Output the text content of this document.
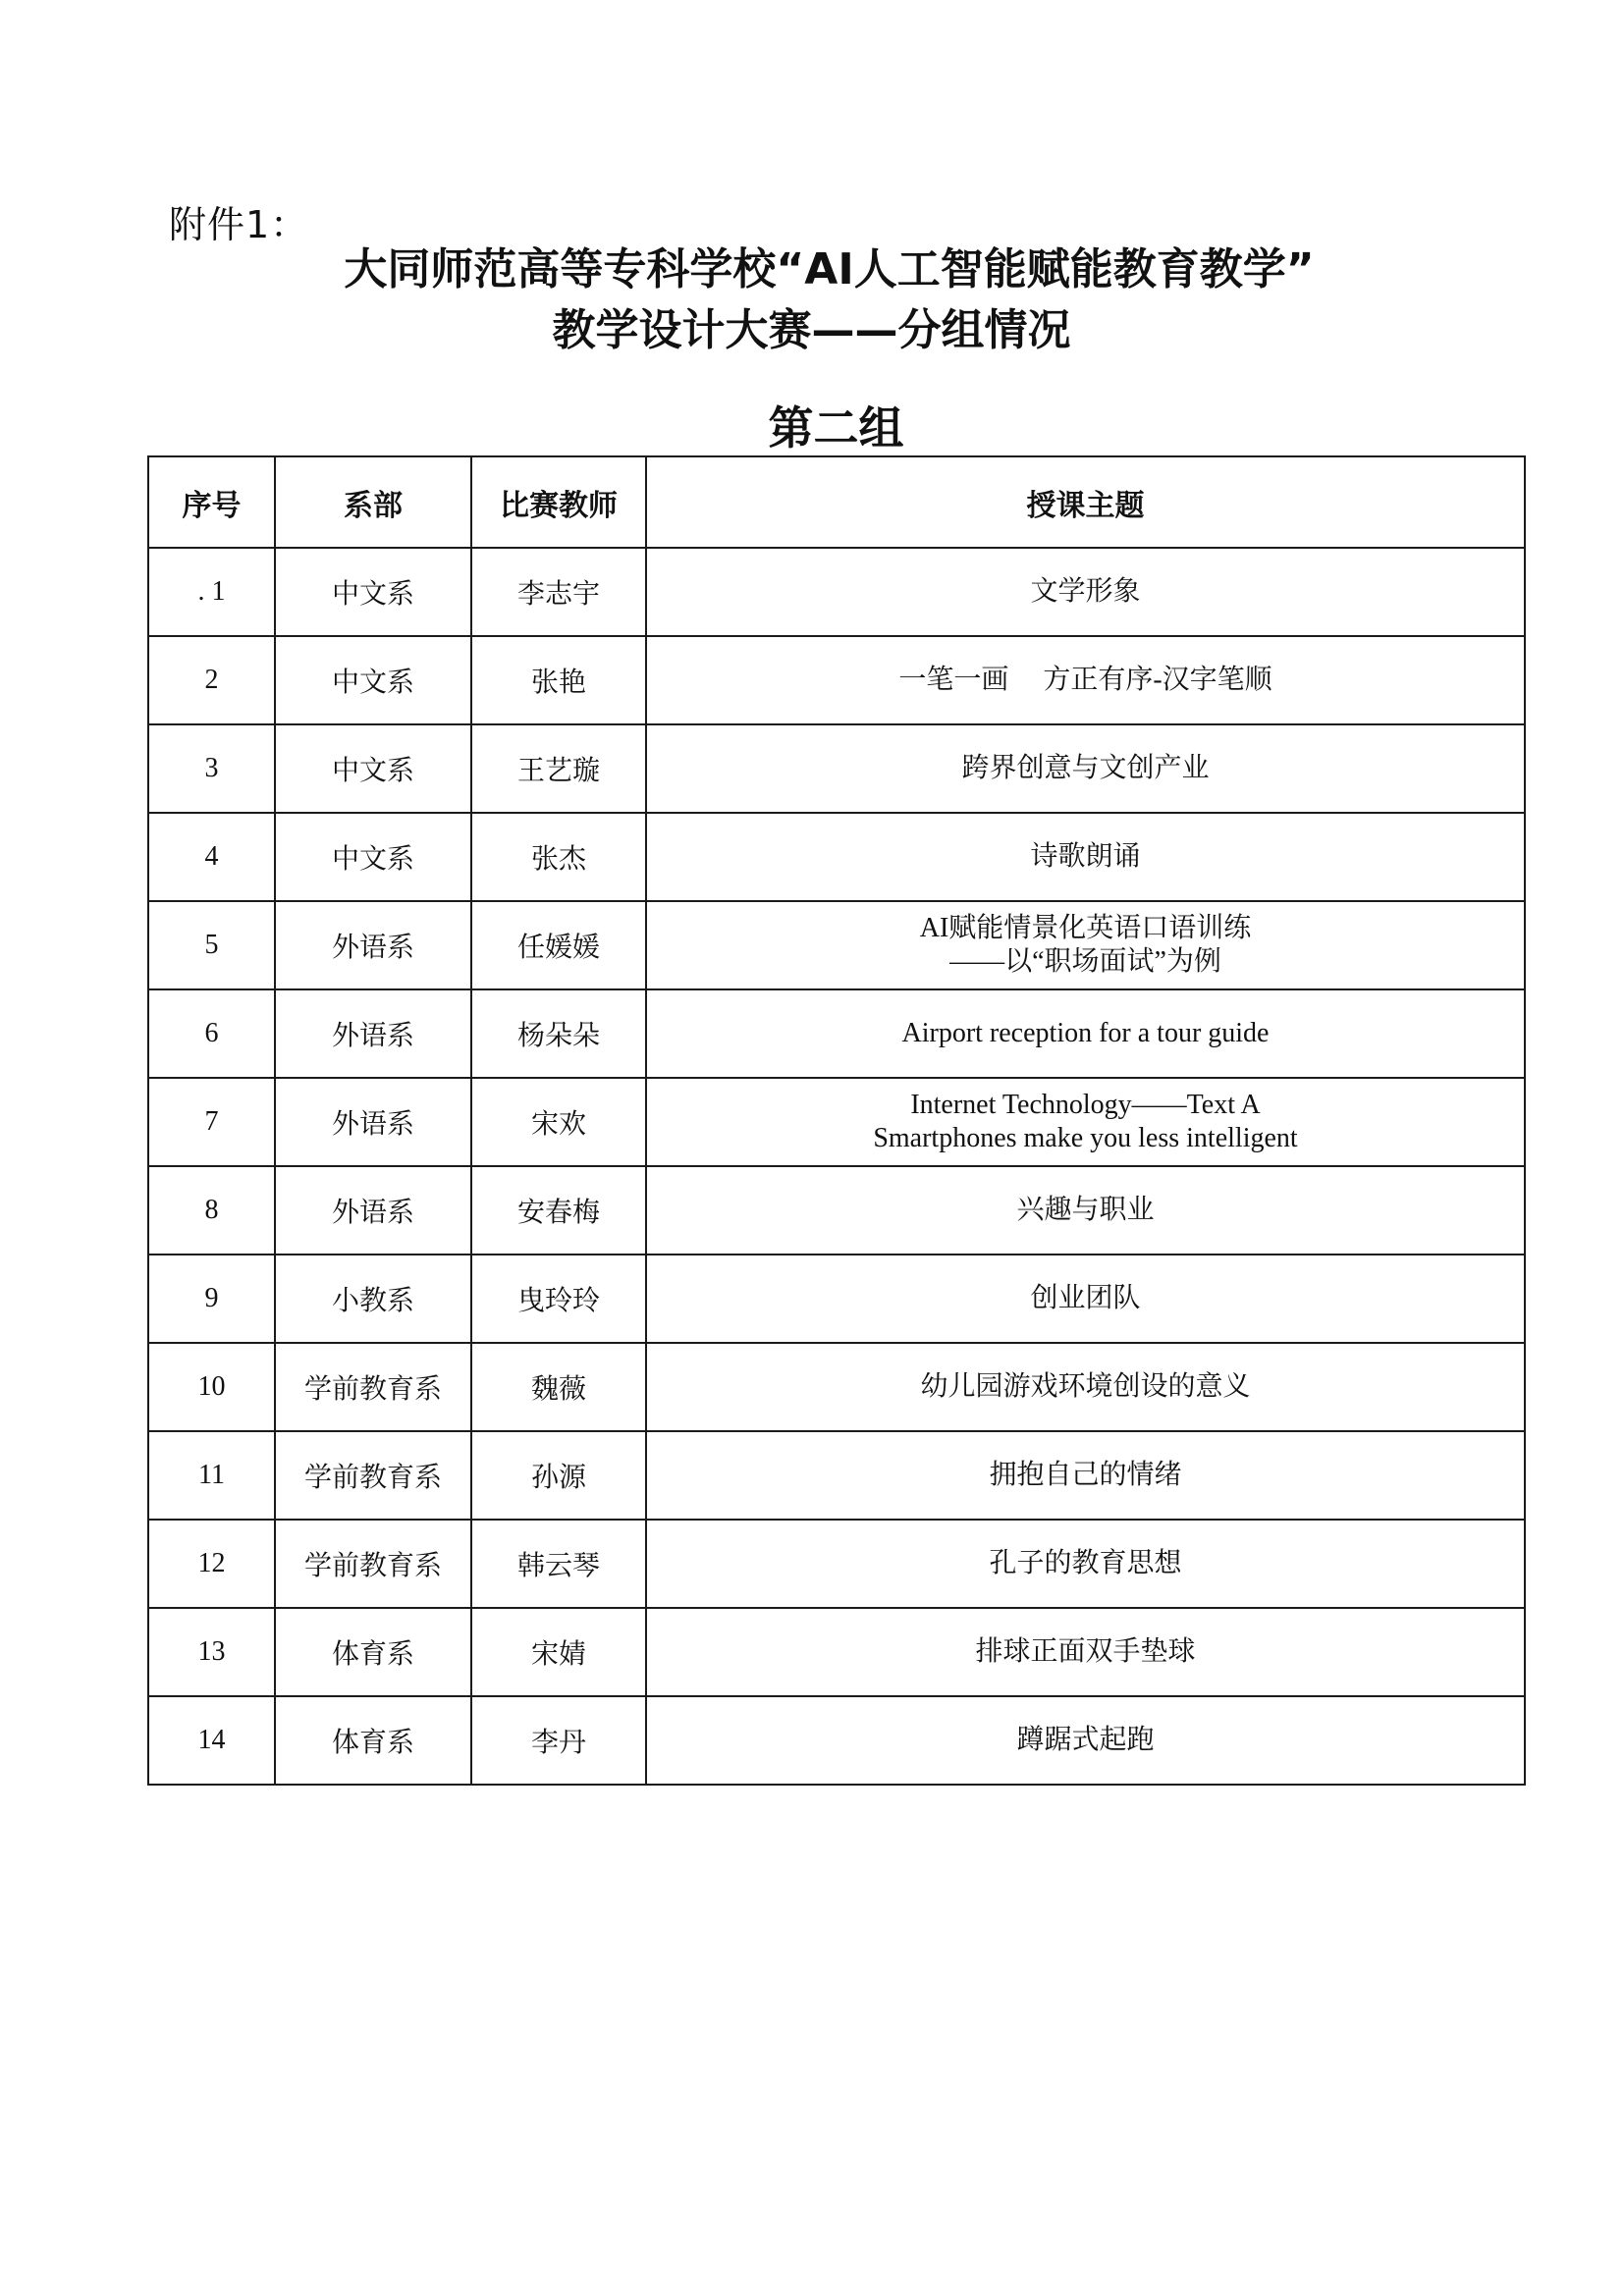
附件1：
大同师范高等专科学校“AI人工智能赋能教育教学”
教学设计大赛——分组情况
第二组
序号	系部	比赛教师	授课主题
. 1	中文系	李志宇	文学形象

2	中文系	张艳	一笔一画　 方正有序-汉字笔顺

3	中文系	王艺璇	跨界创意与文创产业

4	中文系	张杰	诗歌朗诵

5	外语系	任媛媛	AI赋能情景化英语口语训练
——以“职场面试”为例

6	外语系	杨朵朵	Airport reception for a tour guide

7	外语系	宋欢	Internet Technology——Text A
Smartphones make you less intelligent

8	外语系	安春梅	兴趣与职业

9	小教系	曳玲玲	创业团队

10	学前教育系	魏薇	幼儿园游戏环境创设的意义

11	学前教育系	孙源	拥抱自己的情绪

12	学前教育系	韩云琴	孔子的教育思想

13	体育系	宋婧	排球正面双手垫球

14	体育系	李丹	蹲踞式起跑
